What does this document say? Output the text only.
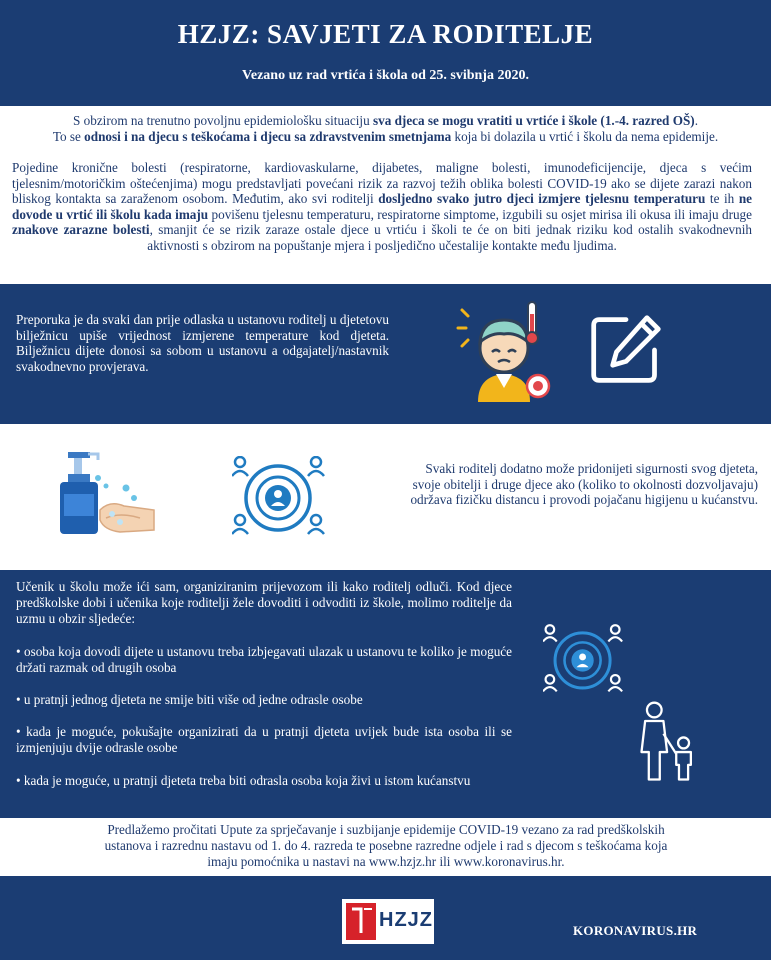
HZJZ: SAVJETI ZA RODITELJE
Vezano uz rad vrtića i škola od 25. svibnja 2020.

S obzirom na trenutno povoljnu epidemiološku situaciju sva djeca se mogu vratiti u vrtiće i škole (1.-4. razred OŠ).
To se odnosi i na djecu s teškoćama i djecu sa zdravstvenim smetnjama koja bi dolazila u vrtić i školu da nema epidemije.

Pojedine kronične bolesti (respiratorne, kardiovaskularne, dijabetes, maligne bolesti, imunodeficijencije, djeca s većim tjelesnim/motoričkim oštećenjima) mogu predstavljati povećani rizik za razvoj težih oblika bolesti COVID-19 ako se dijete zarazi nakon bliskog kontakta sa zaraženom osobom. Međutim, ako svi roditelji dosljedno svako jutro djeci izmjere tjelesnu temperaturu te ih ne dovode u vrtić ili školu kada imaju povišenu tjelesnu temperaturu, respiratorne simptome, izgubili su osjet mirisa ili okusa ili imaju druge znakove zarazne bolesti, smanjit će se rizik zaraze ostale djece u vrtiću i školi te će on biti jednak riziku kod ostalih svakodnevnih aktivnosti s obzirom na popuštanje mjera i posljedično učestalije kontakte među ljudima.

Preporuka je da svaki dan prije odlaska u ustanovu roditelj u djetetovu bilježnicu upiše vrijednost izmjerene temperature kod djeteta. Bilježnicu dijete donosi sa sobom u ustanovu a odgajatelj/nastavnik svakodnevno provjerava.

Svaki roditelj dodatno može pridonijeti sigurnosti svog djeteta, svoje obitelji i druge djece ako (koliko to okolnosti dozvoljavaju) održava fizičku distancu i provodi pojačanu higijenu u kućanstvu.

Učenik u školu može ići sam, organiziranim prijevozom ili kako roditelj odluči. Kod djece predškolske dobi i učenika koje roditelji žele dovoditi i odvoditi iz škole, molimo roditelje da uzmu u obzir sljedeće:

• osoba koja dovodi dijete u ustanovu treba izbjegavati ulazak u ustanovu te koliko je moguće držati razmak od drugih osoba

• u pratnji jednog djeteta ne smije biti više od jedne odrasle osobe

• kada je moguće, pokušajte organizirati da u pratnji djeteta uvijek bude ista osoba ili se izmjenjuju dvije odrasle osobe

• kada je moguće, u pratnji djeteta treba biti odrasla osoba koja živi u istom kućanstvu

Predlažemo pročitati Upute za sprječavanje i suzbijanje epidemije COVID-19 vezano za rad predškolskih ustanova i razrednu nastavu od 1. do 4. razreda te posebne razredne odjele i rad s djecom s teškoćama koja imaju pomoćnika u nastavi na www.hzjz.hr ili www.koronavirus.hr.

HZJZ	KORONAVIRUS.HR
